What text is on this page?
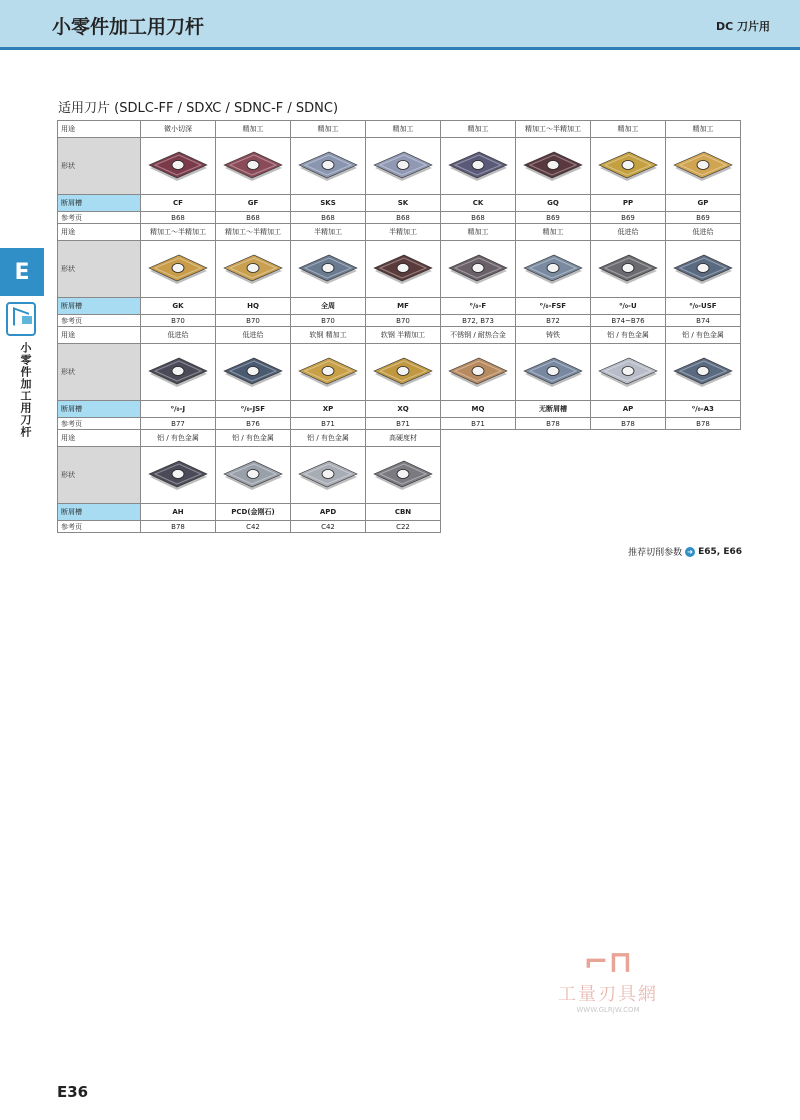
小零件加工用刀杆	DC 刀片用
E
小零件加工用刀杆
适用刀片 (SDLC-FF / SDXC / SDNC-F / SDNC)
用途	微小切深	精加工	精加工	精加工	精加工	精加工～半精加工	精加工	精加工
形状	

断屑槽	CF	GF	SKS	SK	CK	GQ	PP	GP
参考页	B68	B68	B68	B68	B68	B69	B69	B69
用途	精加工～半精加工	精加工～半精加工	半精加工	半精加工	精加工	精加工	低进给	低进给
形状	

断屑槽	GK	HQ	全周	MF	⁰/₀-F	⁰/₀-FSF	⁰/₀-U	⁰/₀-USF
参考页	B70	B70	B70	B70	B72, B73	B72	B74~B76	B74
用途	低进给	低进给	软钢 精加工	软钢 半精加工	不锈钢 / 耐热合金	铸铁	铝 / 有色金属	铝 / 有色金属
形状	

断屑槽	⁰/₀-J	⁰/₀-JSF	XP	XQ	MQ	无断屑槽	AP	⁰/₀-A3
参考页	B77	B76	B71	B71	B71	B78	B78	B78
用途	铝 / 有色金属	铝 / 有色金属	铝 / 有色金属	高硬度材				
形状	

断屑槽	AH	PCD(金刚石)	APD	CBN				
参考页	B78	C42	C42	C22				
推荐切削参数 ➜ E65, E66
⌐⊓
工量刃具網
WWW.GLRJW.COM
E36
